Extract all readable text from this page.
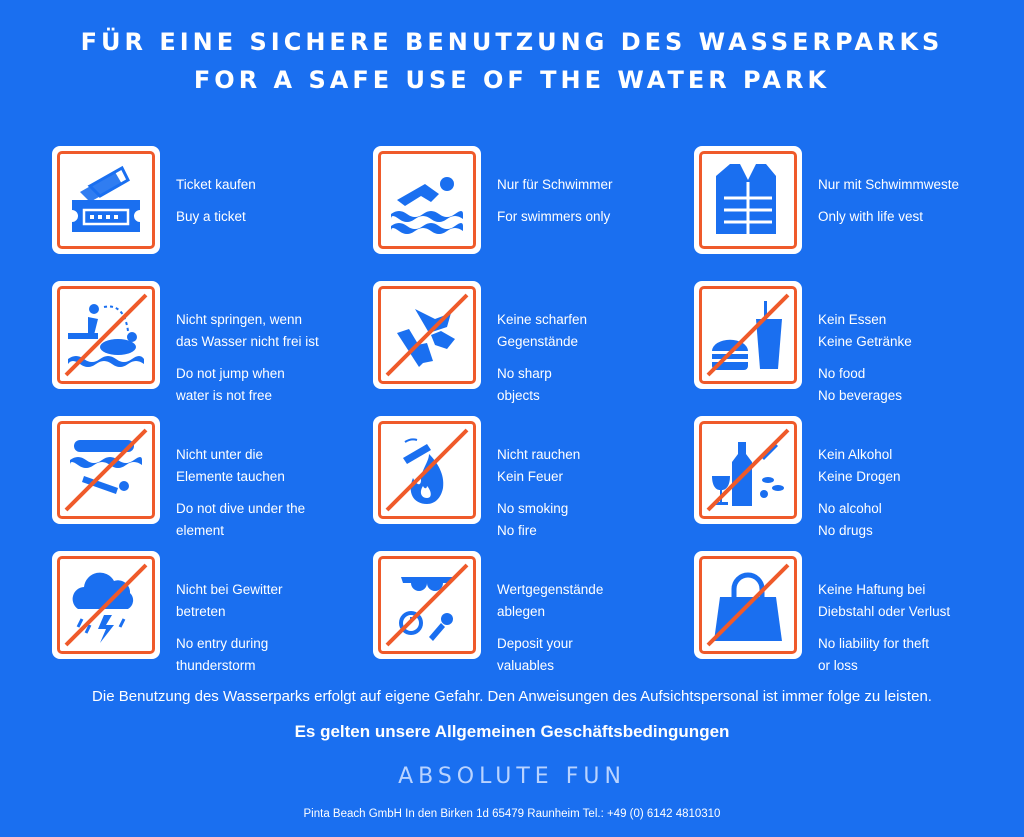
FÜR EINE SICHERE BENUTZUNG DES WASSERPARKS
FOR A SAFE USE OF THE WATER PARK

Ticket kaufen

Buy a ticket

Nur für Schwimmer

For swimmers only

Nur mit Schwimmweste

Only with life vest

Nicht springen, wenn
das Wasser nicht frei ist

Do not jump when
water is not free

Keine scharfen
Gegenstände

No sharp
objects

Kein Essen
Keine Getränke

No food
No beverages

Nicht unter die
Elemente tauchen

Do not dive under the
element

Nicht rauchen
Kein Feuer

No smoking
No fire

Kein Alkohol
Keine Drogen

No alcohol
No drugs

Nicht bei Gewitter
betreten

No entry during
thunderstorm

Wertgegenstände
ablegen

Deposit your
valuables

Keine Haftung bei
Diebstahl oder Verlust

No liability for theft
or loss

Die Benutzung des Wasserparks erfolgt auf eigene Gefahr. Den Anweisungen des Aufsichtspersonal ist immer folge zu leisten.
Es gelten unsere Allgemeinen Geschäftsbedingungen
ABSOLUTE FUN
Pinta Beach GmbH In den Birken 1d 65479 Raunheim Tel.: +49 (0) 6142 4810310
